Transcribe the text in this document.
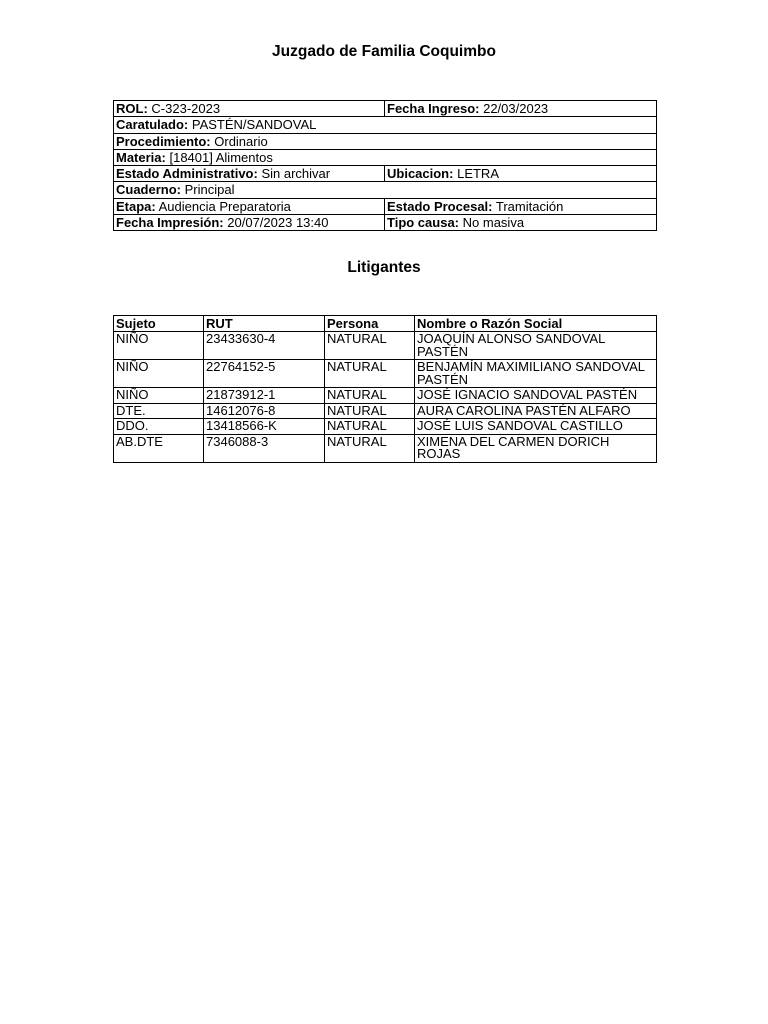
Juzgado de Familia Coquimbo
ROL: C-323-2023	Fecha Ingreso: 22/03/2023
Caratulado: PASTÉN/SANDOVAL	
Procedimiento: Ordinario	
Materia: [18401] Alimentos	
Estado Administrativo: Sin archivar	Ubicacion: LETRA
Cuaderno: Principal	
Etapa: Audiencia Preparatoria	Estado Procesal: Tramitación
Fecha Impresión: 20/07/2023 13:40	Tipo causa: No masiva
Litigantes
Sujeto	RUT	Persona	Nombre o Razón Social
NIÑO	23433630-4	NATURAL	JOAQUÍN ALONSO SANDOVAL PASTÉN
NIÑO	22764152-5	NATURAL	BENJAMÍN MAXIMILIANO SANDOVAL PASTÉN
NIÑO	21873912-1	NATURAL	JOSÉ IGNACIO SANDOVAL PASTÉN
DTE.	14612076-8	NATURAL	AURA CAROLINA PASTÉN ALFARO
DDO.	13418566-K	NATURAL	JOSÉ LUIS SANDOVAL CASTILLO
AB.DTE	7346088-3	NATURAL	XIMENA DEL CARMEN DORICH ROJAS
